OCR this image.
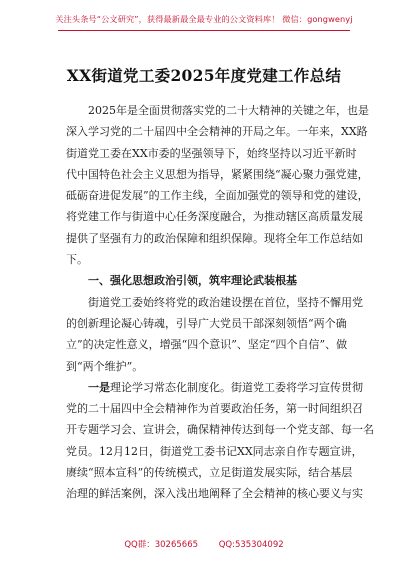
关注头条号“公文研究”，获得最新最全最专业的公文资料库！ 微信：gongwenyj
XX街道党工委2025年度党建工作总结
2025年是全面贯彻落实党的二十大精神的关键之年，也是
深入学习党的二十届四中全会精神的开局之年。一年来，XX路
街道党工委在XX市委的坚强领导下，始终坚持以习近平新时
代中国特色社会主义思想为指导，紧紧围绕“凝心聚力强党建，
砥砺奋进促发展”的工作主线，全面加强党的领导和党的建设，
将党建工作与街道中心任务深度融合，为推动辖区高质量发展
提供了坚强有力的政治保障和组织保障。现将全年工作总结如
下。
一、强化思想政治引领，筑牢理论武装根基
街道党工委始终将党的政治建设摆在首位，坚持不懈用党
的创新理论凝心铸魂，引导广大党员干部深刻领悟“两个确
立”的决定性意义，增强“四个意识”、坚定“四个自信”、做
到“两个维护”。
一是理论学习常态化制度化。街道党工委将学习宣传贯彻
党的二十届四中全会精神作为首要政治任务，第一时间组织召
开专题学习会、宣讲会，确保精神传达到每一个党支部、每一名
党员。12月12日，街道党工委书记XX同志亲自作专题宣讲，
赓续“照本宣科”的传统模式，立足街道发展实际，结合基层
治理的鲜活案例，深入浅出地阐释了全会精神的核心要义与实
QQ群：30265665 QQ:535304092
